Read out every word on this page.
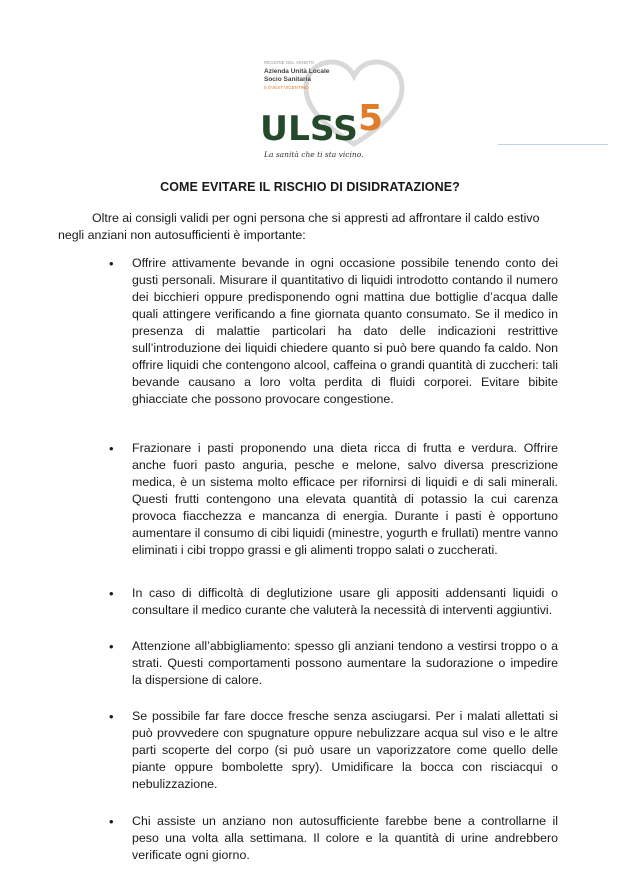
REGIONE DEL VENETO
Azienda Unità Locale
Socio Sanitaria
5 OVEST VICENTINO
ULSS 5
La sanità che ti sta vicino.
COME EVITARE IL RISCHIO DI DISIDRATAZIONE?

Oltre ai consigli validi per ogni persona che si appresti ad affrontare il caldo estivo negli anziani non autosufficienti è importante:

• Offrire attivamente bevande in ogni occasione possibile tenendo conto dei gusti personali. Misurare il quantitativo di liquidi introdotto contando il numero dei bicchieri oppure predisponendo ogni mattina due bottiglie d’acqua dalle quali attingere verificando a fine giornata quanto consumato. Se il medico in presenza di malattie particolari ha dato delle indicazioni restrittive sull’introduzione dei liquidi chiedere quanto si può bere quando fa caldo. Non offrire liquidi che contengono alcool, caffeina o grandi quantità di zuccheri: tali bevande causano a loro volta perdita di fluidi corporei. Evitare bibite ghiacciate che possono provocare congestione.
• Frazionare i pasti proponendo una dieta ricca di frutta e verdura. Offrire anche fuori pasto anguria, pesche e melone, salvo diversa prescrizione medica, è un sistema molto efficace per rifornirsi di liquidi e di sali minerali. Questi frutti contengono una elevata quantità di potassio la cui carenza provoca fiacchezza e mancanza di energia. Durante i pasti è opportuno aumentare il consumo di cibi liquidi (minestre, yogurth e frullati) mentre vanno eliminati i cibi troppo grassi e gli alimenti troppo salati o zuccherati.
• In caso di difficoltà di deglutizione usare gli appositi addensanti liquidi o consultare il medico curante che valuterà la necessità di interventi aggiuntivi.
• Attenzione all’abbigliamento: spesso gli anziani tendono a vestirsi troppo o a strati. Questi comportamenti possono aumentare la sudorazione o impedire la dispersione di calore.
• Se possibile far fare docce fresche senza asciugarsi. Per i malati allettati si può provvedere con spugnature oppure nebulizzare acqua sul viso e le altre parti scoperte del corpo (si può usare un vaporizzatore come quello delle piante oppure bombolette spry). Umidificare la bocca con risciacqui o nebulizzazione.
• Chi assiste un anziano non autosufficiente farebbe bene a controllarne il peso una volta alla settimana. Il colore e la quantità di urine andrebbero verificate ogni giorno.
